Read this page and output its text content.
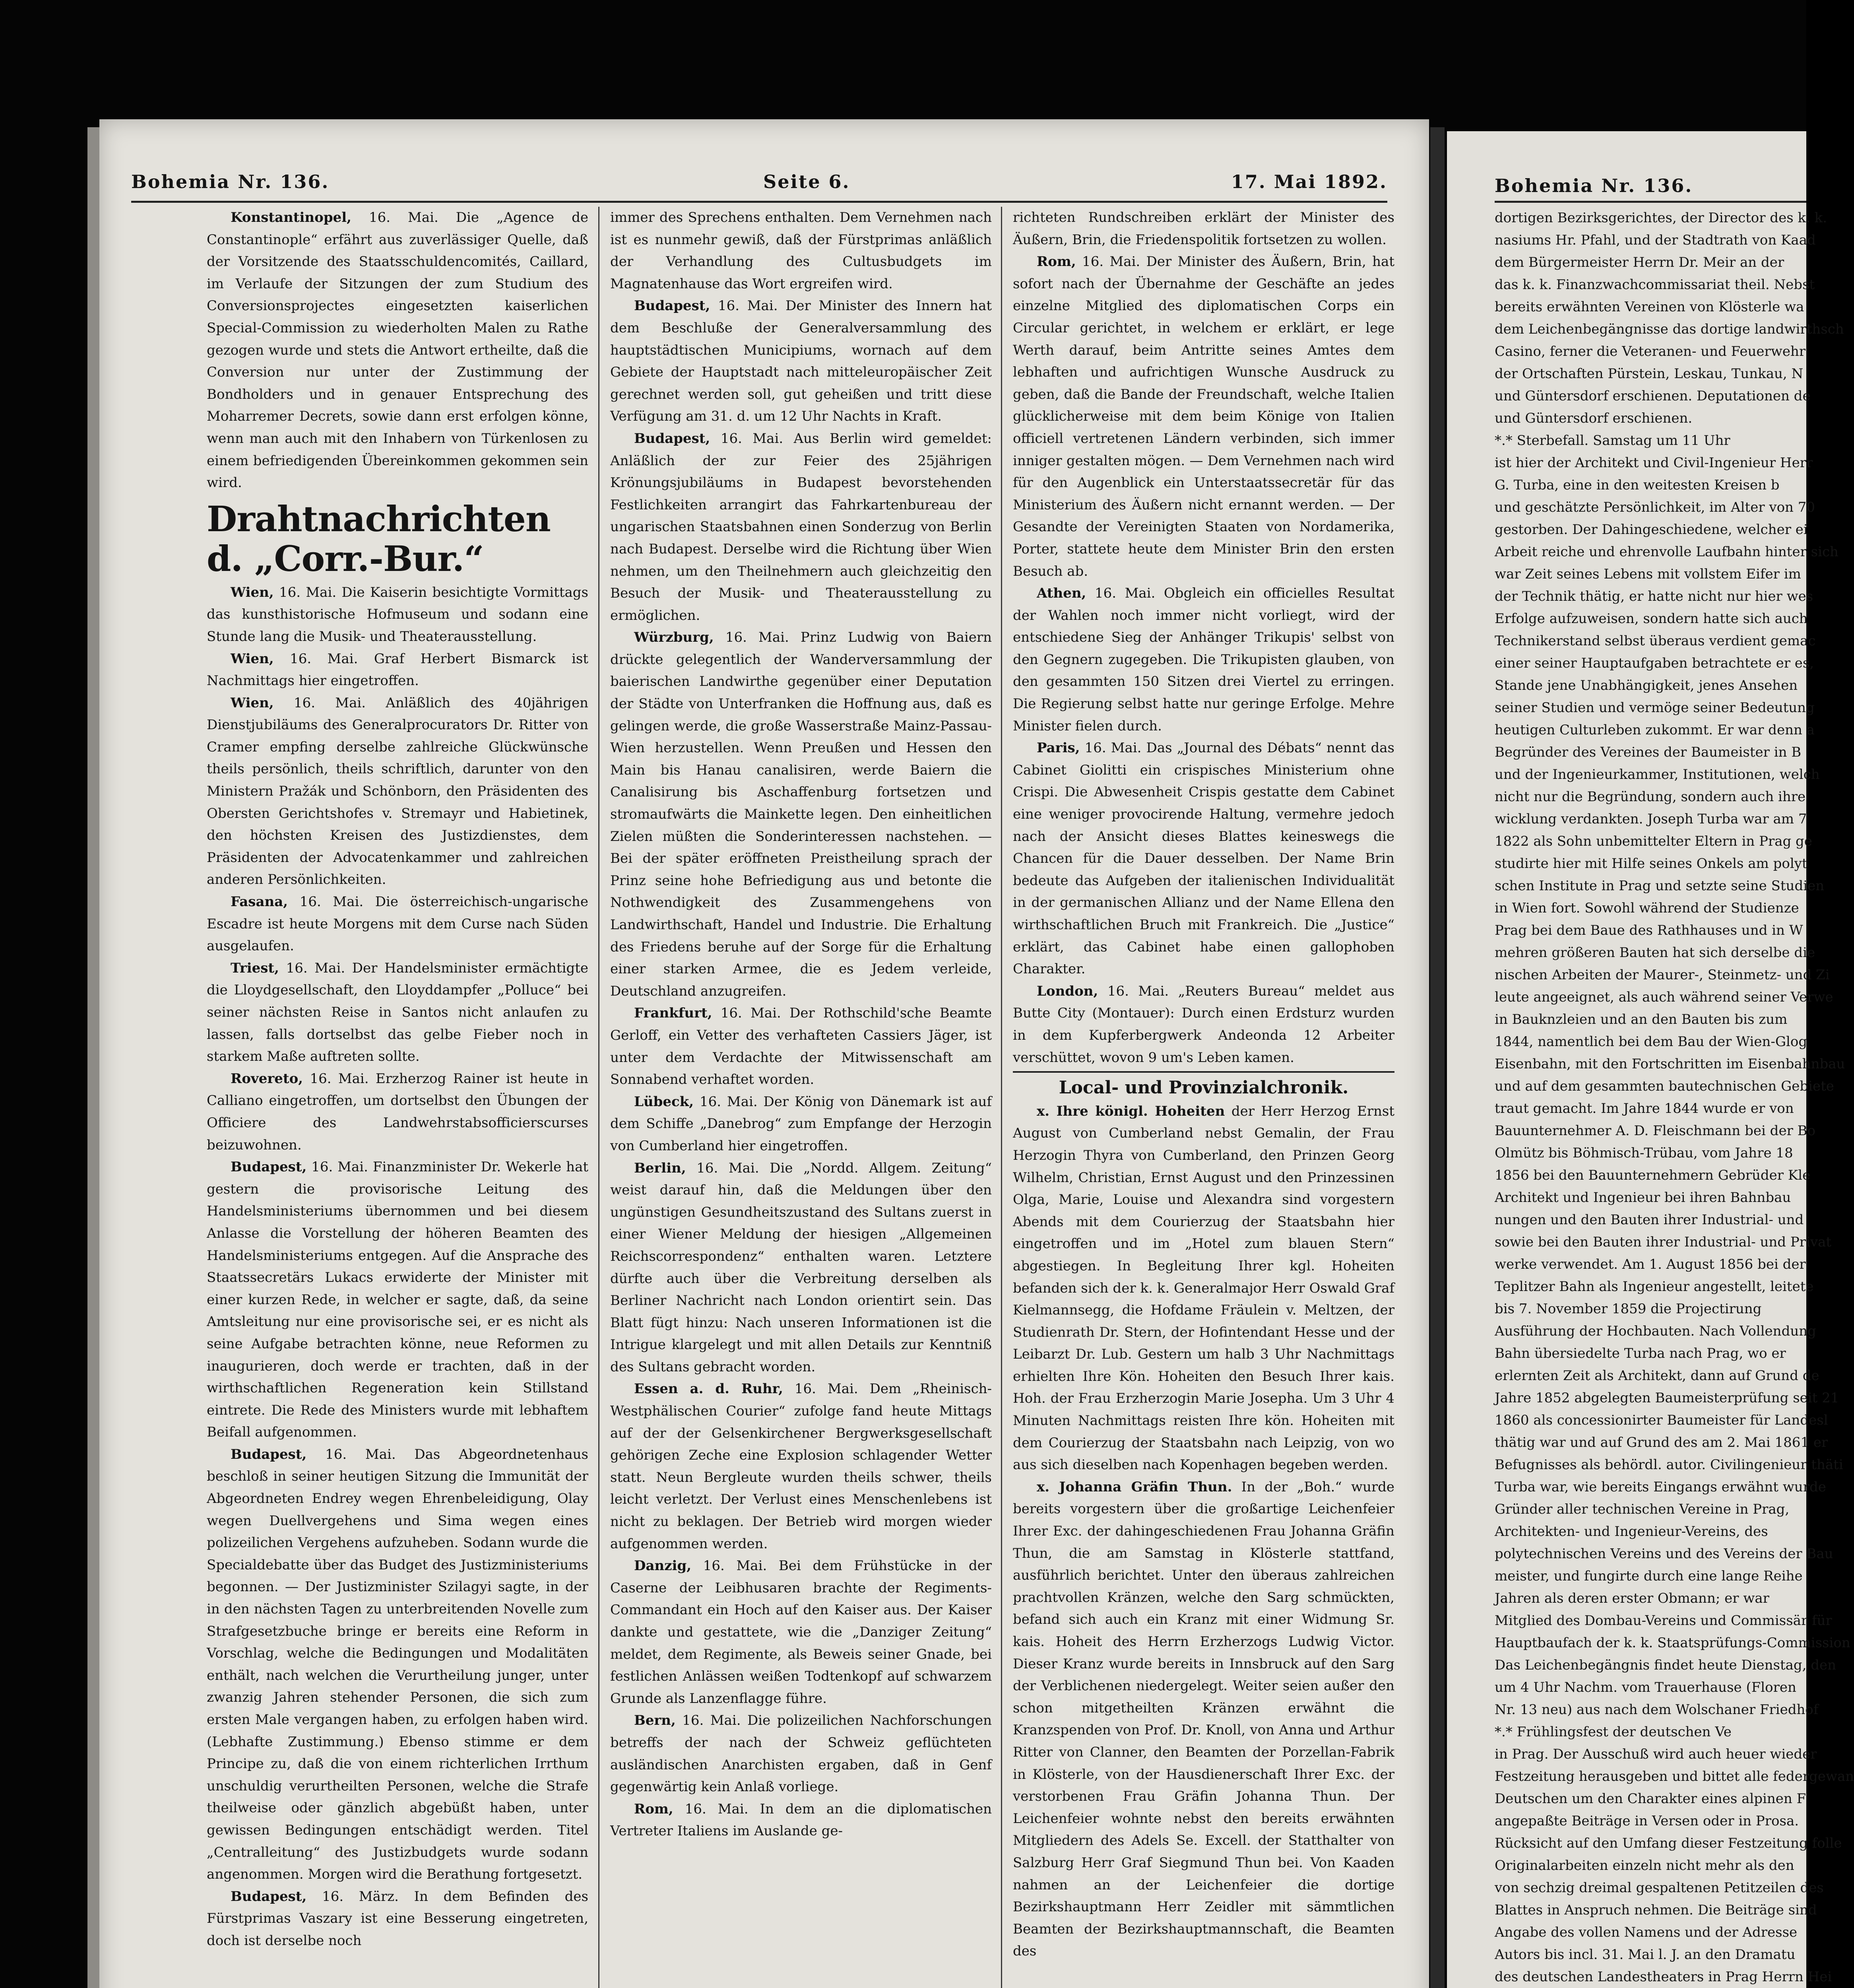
Bohemia Nr. 136.	Seite 6.	17. Mai 1892.

Konstantinopel, 16. Mai. Die „Agence de Constantinople“ erfährt aus zuverlässiger Quelle, daß der Vorsitzende des Staatsschuldencomités, Caillard, im Verlaufe der Sitzungen der zum Studium des Conversionsprojectes eingesetzten kaiserlichen Special-Commission zu wiederholten Malen zu Rathe gezogen wurde und stets die Antwort ertheilte, daß die Conversion nur unter der Zustimmung der Bondholders und in genauer Entsprechung des Moharremer Decrets, sowie dann erst erfolgen könne, wenn man auch mit den Inhabern von Türkenlosen zu einem befriedigenden Übereinkommen gekommen sein wird.

Drahtnachrichten d. „Corr.-Bur.“

Wien, 16. Mai. Die Kaiserin besichtigte Vormittags das kunsthistorische Hofmuseum und sodann eine Stunde lang die Musik- und Theaterausstellung.

Wien, 16. Mai. Graf Herbert Bismarck ist Nachmittags hier eingetroffen.

Wien, 16. Mai. Anläßlich des 40jährigen Dienstjubiläums des Generalprocurators Dr. Ritter von Cramer empfing derselbe zahlreiche Glückwünsche theils persönlich, theils schriftlich, darunter von den Ministern Pražák und Schönborn, den Präsidenten des Obersten Gerichtshofes v. Stremayr und Habietinek, den höchsten Kreisen des Justizdienstes, dem Präsidenten der Advocatenkammer und zahlreichen anderen Persönlichkeiten.

Fasana, 16. Mai. Die österreichisch-ungarische Escadre ist heute Morgens mit dem Curse nach Süden ausgelaufen.

Triest, 16. Mai. Der Handelsminister ermächtigte die Lloydgesellschaft, den Lloyddampfer „Polluce“ bei seiner nächsten Reise in Santos nicht anlaufen zu lassen, falls dortselbst das gelbe Fieber noch in starkem Maße auftreten sollte.

Rovereto, 16. Mai. Erzherzog Rainer ist heute in Calliano eingetroffen, um dortselbst den Übungen der Officiere des Landwehrstabsofficierscurses beizuwohnen.

Budapest, 16. Mai. Finanzminister Dr. Wekerle hat gestern die provisorische Leitung des Handelsministeriums übernommen und bei diesem Anlasse die Vorstellung der höheren Beamten des Handelsministeriums entgegen. Auf die Ansprache des Staatssecretärs Lukacs erwiderte der Minister mit einer kurzen Rede, in welcher er sagte, daß, da seine Amtsleitung nur eine provisorische sei, er es nicht als seine Aufgabe betrachten könne, neue Reformen zu inaugurieren, doch werde er trachten, daß in der wirthschaftlichen Regeneration kein Stillstand eintrete. Die Rede des Ministers wurde mit lebhaftem Beifall aufgenommen.

Budapest, 16. Mai. Das Abgeordnetenhaus beschloß in seiner heutigen Sitzung die Immunität der Abgeordneten Endrey wegen Ehrenbeleidigung, Olay wegen Duellvergehens und Sima wegen eines polizeilichen Vergehens aufzuheben. Sodann wurde die Specialdebatte über das Budget des Justizministeriums begonnen. — Der Justizminister Szilagyi sagte, in der in den nächsten Tagen zu unterbreitenden Novelle zum Strafgesetzbuche bringe er bereits eine Reform in Vorschlag, welche die Bedingungen und Modalitäten enthält, nach welchen die Verurtheilung junger, unter zwanzig Jahren stehender Personen, die sich zum ersten Male vergangen haben, zu erfolgen haben wird. (Lebhafte Zustimmung.) Ebenso stimme er dem Principe zu, daß die von einem richterlichen Irrthum unschuldig verurtheilten Personen, welche die Strafe theilweise oder gänzlich abgebüßt haben, unter gewissen Bedingungen entschädigt werden. Titel „Centralleitung“ des Justizbudgets wurde sodann angenommen. Morgen wird die Berathung fortgesetzt.

Budapest, 16. März. In dem Befinden des Fürstprimas Vaszary ist eine Besserung eingetreten, doch ist derselbe noch

immer des Sprechens enthalten. Dem Vernehmen nach ist es nunmehr gewiß, daß der Fürstprimas anläßlich der Verhandlung des Cultusbudgets im Magnatenhause das Wort ergreifen wird.

Budapest, 16. Mai. Der Minister des Innern hat dem Beschluße der Generalversammlung des hauptstädtischen Municipiums, wornach auf dem Gebiete der Hauptstadt nach mitteleuropäischer Zeit gerechnet werden soll, gut geheißen und tritt diese Verfügung am 31. d. um 12 Uhr Nachts in Kraft.

Budapest, 16. Mai. Aus Berlin wird gemeldet: Anläßlich der zur Feier des 25jährigen Krönungsjubiläums in Budapest bevorstehenden Festlichkeiten arrangirt das Fahrkartenbureau der ungarischen Staatsbahnen einen Sonderzug von Berlin nach Budapest. Derselbe wird die Richtung über Wien nehmen, um den Theilnehmern auch gleichzeitig den Besuch der Musik- und Theaterausstellung zu ermöglichen.

Würzburg, 16. Mai. Prinz Ludwig von Baiern drückte gelegentlich der Wanderversammlung der baierischen Landwirthe gegenüber einer Deputation der Städte von Unterfranken die Hoffnung aus, daß es gelingen werde, die große Wasserstraße Mainz-Passau-Wien herzustellen. Wenn Preußen und Hessen den Main bis Hanau canalisiren, werde Baiern die Canalisirung bis Aschaffenburg fortsetzen und stromaufwärts die Mainkette legen. Den einheitlichen Zielen müßten die Sonderinteressen nachstehen. — Bei der später eröffneten Preistheilung sprach der Prinz seine hohe Befriedigung aus und betonte die Nothwendigkeit des Zusammengehens von Landwirthschaft, Handel und Industrie. Die Erhaltung des Friedens beruhe auf der Sorge für die Erhaltung einer starken Armee, die es Jedem verleide, Deutschland anzugreifen.

Frankfurt, 16. Mai. Der Rothschild'sche Beamte Gerloff, ein Vetter des verhafteten Cassiers Jäger, ist unter dem Verdachte der Mitwissenschaft am Sonnabend verhaftet worden.

Lübeck, 16. Mai. Der König von Dänemark ist auf dem Schiffe „Danebrog“ zum Empfange der Herzogin von Cumberland hier eingetroffen.

Berlin, 16. Mai. Die „Nordd. Allgem. Zeitung“ weist darauf hin, daß die Meldungen über den ungünstigen Gesundheitszustand des Sultans zuerst in einer Wiener Meldung der hiesigen „Allgemeinen Reichscorrespondenz“ enthalten waren. Letztere dürfte auch über die Verbreitung derselben als Berliner Nachricht nach London orientirt sein. Das Blatt fügt hinzu: Nach unseren Informationen ist die Intrigue klargelegt und mit allen Details zur Kenntniß des Sultans gebracht worden.

Essen a. d. Ruhr, 16. Mai. Dem „Rheinisch-Westphälischen Courier“ zufolge fand heute Mittags auf der der Gelsenkirchener Bergwerksgesellschaft gehörigen Zeche eine Explosion schlagender Wetter statt. Neun Bergleute wurden theils schwer, theils leicht verletzt. Der Verlust eines Menschenlebens ist nicht zu beklagen. Der Betrieb wird morgen wieder aufgenommen werden.

Danzig, 16. Mai. Bei dem Frühstücke in der Caserne der Leibhusaren brachte der Regiments-Commandant ein Hoch auf den Kaiser aus. Der Kaiser dankte und gestattete, wie die „Danziger Zeitung“ meldet, dem Regimente, als Beweis seiner Gnade, bei festlichen Anlässen weißen Todtenkopf auf schwarzem Grunde als Lanzenflagge führe.

Bern, 16. Mai. Die polizeilichen Nachforschungen betreffs der nach der Schweiz geflüchteten ausländischen Anarchisten ergaben, daß in Genf gegenwärtig kein Anlaß vorliege.

Rom, 16. Mai. In dem an die diplomatischen Vertreter Italiens im Auslande ge-

richteten Rundschreiben erklärt der Minister des Äußern, Brin, die Friedenspolitik fortsetzen zu wollen.

Rom, 16. Mai. Der Minister des Äußern, Brin, hat sofort nach der Übernahme der Geschäfte an jedes einzelne Mitglied des diplomatischen Corps ein Circular gerichtet, in welchem er erklärt, er lege Werth darauf, beim Antritte seines Amtes dem lebhaften und aufrichtigen Wunsche Ausdruck zu geben, daß die Bande der Freundschaft, welche Italien glücklicherweise mit dem beim Könige von Italien officiell vertretenen Ländern verbinden, sich immer inniger gestalten mögen. — Dem Vernehmen nach wird für den Augenblick ein Unterstaatssecretär für das Ministerium des Äußern nicht ernannt werden. — Der Gesandte der Vereinigten Staaten von Nordamerika, Porter, stattete heute dem Minister Brin den ersten Besuch ab.

Athen, 16. Mai. Obgleich ein officielles Resultat der Wahlen noch immer nicht vorliegt, wird der entschiedene Sieg der Anhänger Trikupis' selbst von den Gegnern zugegeben. Die Trikupisten glauben, von den gesammten 150 Sitzen drei Viertel zu erringen. Die Regierung selbst hatte nur geringe Erfolge. Mehre Minister fielen durch.

Paris, 16. Mai. Das „Journal des Débats“ nennt das Cabinet Giolitti ein crispisches Ministerium ohne Crispi. Die Abwesenheit Crispis gestatte dem Cabinet eine weniger provocirende Haltung, vermehre jedoch nach der Ansicht dieses Blattes keineswegs die Chancen für die Dauer desselben. Der Name Brin bedeute das Aufgeben der italienischen Individualität in der germanischen Allianz und der Name Ellena den wirthschaftlichen Bruch mit Frankreich. Die „Justice“ erklärt, das Cabinet habe einen gallophoben Charakter.

London, 16. Mai. „Reuters Bureau“ meldet aus Butte City (Montauer): Durch einen Erdsturz wurden in dem Kupferbergwerk Andeonda 12 Arbeiter verschüttet, wovon 9 um's Leben kamen.

Local- und Provinzialchronik.

x. Ihre königl. Hoheiten der Herr Herzog Ernst August von Cumberland nebst Gemalin, der Frau Herzogin Thyra von Cumberland, den Prinzen Georg Wilhelm, Christian, Ernst August und den Prinzessinen Olga, Marie, Louise und Alexandra sind vorgestern Abends mit dem Courierzug der Staatsbahn hier eingetroffen und im „Hotel zum blauen Stern“ abgestiegen. In Begleitung Ihrer kgl. Hoheiten befanden sich der k. k. Generalmajor Herr Oswald Graf Kielmannsegg, die Hofdame Fräulein v. Meltzen, der Studienrath Dr. Stern, der Hofintendant Hesse und der Leibarzt Dr. Lub. Gestern um halb 3 Uhr Nachmittags erhielten Ihre Kön. Hoheiten den Besuch Ihrer kais. Hoh. der Frau Erzherzogin Marie Josepha. Um 3 Uhr 4 Minuten Nachmittags reisten Ihre kön. Hoheiten mit dem Courierzug der Staatsbahn nach Leipzig, von wo aus sich dieselben nach Kopenhagen begeben werden.

x. Johanna Gräfin Thun. In der „Boh.“ wurde bereits vorgestern über die großartige Leichenfeier Ihrer Exc. der dahingeschiedenen Frau Johanna Gräfin Thun, die am Samstag in Klösterle stattfand, ausführlich berichtet. Unter den überaus zahlreichen prachtvollen Kränzen, welche den Sarg schmückten, befand sich auch ein Kranz mit einer Widmung Sr. kais. Hoheit des Herrn Erzherzogs Ludwig Victor. Dieser Kranz wurde bereits in Innsbruck auf den Sarg der Verblichenen niedergelegt. Weiter seien außer den schon mitgetheilten Kränzen erwähnt die Kranzspenden von Prof. Dr. Knoll, von Anna und Arthur Ritter von Clanner, den Beamten der Porzellan-Fabrik in Klösterle, von der Hausdienerschaft Ihrer Exc. der verstorbenen Frau Gräfin Johanna Thun. Der Leichenfeier wohnte nebst den bereits erwähnten Mitgliedern des Adels Se. Excell. der Statthalter von Salzburg Herr Graf Siegmund Thun bei. Von Kaaden nahmen an der Leichenfeier die dortige Bezirkshauptmann Herr Zeidler mit sämmtlichen Beamten der Bezirkshauptmannschaft, die Beamten des

Bohemia Nr. 136.
dortigen Bezirksgerichtes, der Director des k. k.
nasiums Hr. Pfahl, und der Stadtrath von Kaad
dem Bürgermeister Herrn Dr. Meir an der
das k. k. Finanzwachcommissariat theil. Nebst
bereits erwähnten Vereinen von Klösterle wa
dem Leichenbegängnisse das dortige landwirthsch
Casino, ferner die Veteranen- und Feuerwehr
der Ortschaften Pürstein, Leskau, Tunkau, N
und Güntersdorf erschienen. Deputationen de
und Güntersdorf erschienen.
*.* Sterbefall. Samstag um 11 Uhr
ist hier der Architekt und Civil-Ingenieur Herr
G. Turba, eine in den weitesten Kreisen b
und geschätzte Persönlichkeit, im Alter von 70
gestorben. Der Dahingeschiedene, welcher ei
Arbeit reiche und ehrenvolle Laufbahn hinter sich
war Zeit seines Lebens mit vollstem Eifer im
der Technik thätig, er hatte nicht nur hier wes
Erfolge aufzuweisen, sondern hatte sich auch
Technikerstand selbst überaus verdient gemac
einer seiner Hauptaufgaben betrachtete er es,
Stande jene Unabhängigkeit, jenes Ansehen
seiner Studien und vermöge seiner Bedeutung
heutigen Culturleben zukommt. Er war denn a
Begründer des Vereines der Baumeister in B
und der Ingenieurkammer, Institutionen, welch
nicht nur die Begründung, sondern auch ihre
wicklung verdankten. Joseph Turba war am 7
1822 als Sohn unbemittelter Eltern in Prag ge
studirte hier mit Hilfe seines Onkels am polyt
schen Institute in Prag und setzte seine Studien
in Wien fort. Sowohl während der Studienze
Prag bei dem Baue des Rathhauses und in W
mehren größeren Bauten hat sich derselbe die
nischen Arbeiten der Maurer-, Steinmetz- und Zi
leute angeeignet, als auch während seiner Verwe
in Bauknzleien und an den Bauten bis zum
1844, namentlich bei dem Bau der Wien-Glog
Eisenbahn, mit den Fortschritten im Eisenbahnbau
und auf dem gesammten bautechnischen Gebiete
traut gemacht. Im Jahre 1844 wurde er von
Bauunternehmer A. D. Fleischmann bei der Bo
Olmütz bis Böhmisch-Trübau, vom Jahre 18
1856 bei den Bauunternehmern Gebrüder Kle
Architekt und Ingenieur bei ihren Bahnbau
nungen und den Bauten ihrer Industrial- und
sowie bei den Bauten ihrer Industrial- und Privat
werke verwendet. Am 1. August 1856 bei der
Teplitzer Bahn als Ingenieur angestellt, leitete
bis 7. November 1859 die Projectirung
Ausführung der Hochbauten. Nach Vollendung
Bahn übersiedelte Turba nach Prag, wo er
erlernten Zeit als Architekt, dann auf Grund de
Jahre 1852 abgelegten Baumeisterprüfung seit 21
1860 als concessionirter Baumeister für Landesl
thätig war und auf Grund des am 2. Mai 1861 er
Befugnisses als behördl. autor. Civilingenieur thäti
Turba war, wie bereits Eingangs erwähnt wurde
Gründer aller technischen Vereine in Prag,
Architekten- und Ingenieur-Vereins, des
polytechnischen Vereins und des Vereins der Bau
meister, und fungirte durch eine lange Reihe
Jahren als deren erster Obmann; er war
Mitglied des Dombau-Vereins und Commissär für
Hauptbaufach der k. k. Staatsprüfungs-Commission
Das Leichenbegängnis findet heute Dienstag, den
um 4 Uhr Nachm. vom Trauerhause (Floren
Nr. 13 neu) aus nach dem Wolschaner Friedhof
*.* Frühlingsfest der deutschen Ve
in Prag. Der Ausschuß wird auch heuer wieder
Festzeitung herausgeben und bittet alle federgewan
Deutschen um den Charakter eines alpinen F
angepaßte Beiträge in Versen oder in Prosa.
Rücksicht auf den Umfang dieser Festzeitung folle
Originalarbeiten einzeln nicht mehr als den
von sechzig dreimal gespaltenen Petitzeilen des
Blattes in Anspruch nehmen. Die Beiträge sind
Angabe des vollen Namens und der Adresse
Autors bis incl. 31. Mai l. J. an den Dramatu
des deutschen Landestheaters in Prag Herrn Hei
